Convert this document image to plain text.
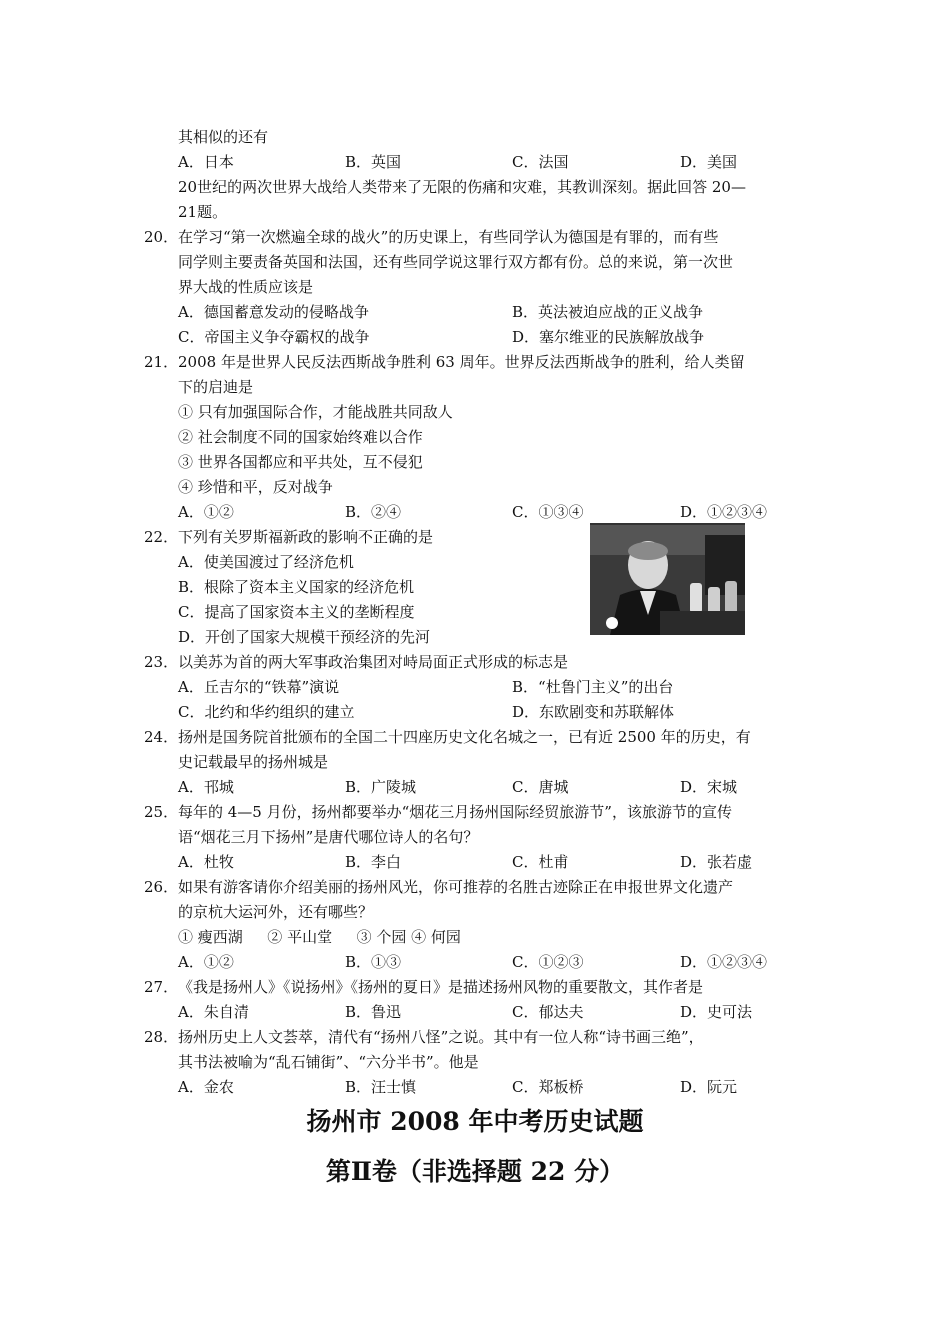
其相似的还有
A．日本	B．英国	C．法国	D．美国
20世纪的两次世界大战给人类带来了无限的伤痛和灾难，其教训深刻。据此回答 20—
21题。
20． 在学习“第一次燃遍全球的战火”的历史课上，有些同学认为德国是有罪的，而有些
同学则主要责备英国和法国，还有些同学说这罪行双方都有份。总的来说，第一次世
界大战的性质应该是
A．德国蓄意发动的侵略战争	B．英法被迫应战的正义战争
C．帝国主义争夺霸权的战争	D．塞尔维亚的民族解放战争
21． 2008 年是世界人民反法西斯战争胜利 63 周年。世界反法西斯战争的胜利，给人类留
下的启迪是
① 只有加强国际合作，才能战胜共同敌人
② 社会制度不同的国家始终难以合作
③ 世界各国都应和平共处，互不侵犯
④ 珍惜和平，反对战争
A．①②	B．②④	C．①③④	D．①②③④
22． 下列有关罗斯福新政的影响不正确的是
A．使美国渡过了经济危机
B．根除了资本主义国家的经济危机
C．提高了国家资本主义的垄断程度
D．开创了国家大规模干预经济的先河
23． 以美苏为首的两大军事政治集团对峙局面正式形成的标志是
A．丘吉尔的“铁幕”演说	B．“杜鲁门主义”的出台
C．北约和华约组织的建立	D．东欧剧变和苏联解体
24． 扬州是国务院首批颁布的全国二十四座历史文化名城之一，已有近 2500 年的历史，有
史记载最早的扬州城是
A．邗城	B．广陵城	C．唐城	D．宋城
25． 每年的 4—5 月份，扬州都要举办“烟花三月扬州国际经贸旅游节”，该旅游节的宣传
语“烟花三月下扬州”是唐代哪位诗人的名句？
A．杜牧	B．李白	C．杜甫	D．张若虚
26． 如果有游客请你介绍美丽的扬州风光，你可推荐的名胜古迹除正在申报世界文化遗产
的京杭大运河外，还有哪些？
① 瘦西湖 　 ② 平山堂 　 ③ 个园 ④ 何园
A．①②	B．①③	C．①②③	D．①②③④
27． 《我是扬州人》《说扬州》《扬州的夏日》是描述扬州风物的重要散文，其作者是
A．朱自清	B．鲁迅	C．郁达夫	D．史可法
28． 扬州历史上人文荟萃，清代有“扬州八怪”之说。其中有一位人称“诗书画三绝”，
其书法被喻为“乱石铺街”、“六分半书”。他是
A．金农	B．汪士慎	C．郑板桥	D．阮元
扬州市 2008 年中考历史试题
第Ⅱ卷（非选择题 22 分）
